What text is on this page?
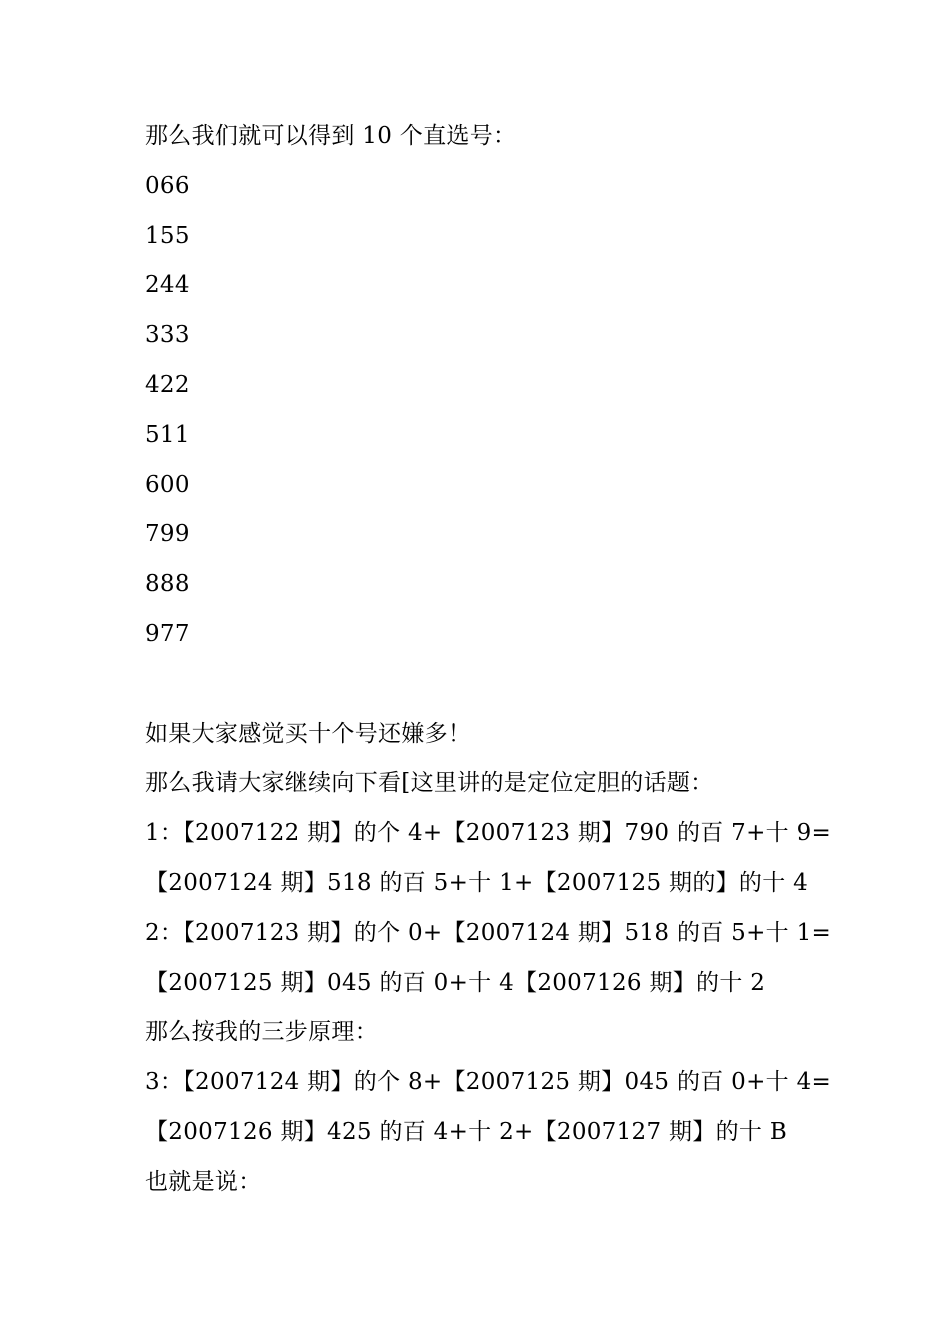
那么我们就可以得到 10 个直选号：
066
155
244
333
422
511
600
799
888
977
如果大家感觉买十个号还嫌多！
那么我请大家继续向下看[这里讲的是定位定胆的话题：
1：【2007122 期】的个 4+【2007123 期】790 的百 7+十 9=
【2007124 期】518 的百 5+十 1+【2007125 期的】的十 4
2：【2007123 期】的个 0+【2007124 期】518 的百 5+十 1=
【2007125 期】045 的百 0+十 4【2007126 期】的十 2
那么按我的三步原理：
3：【2007124 期】的个 8+【2007125 期】045 的百 0+十 4=
【2007126 期】425 的百 4+十 2+【2007127 期】的十 B
也就是说：
